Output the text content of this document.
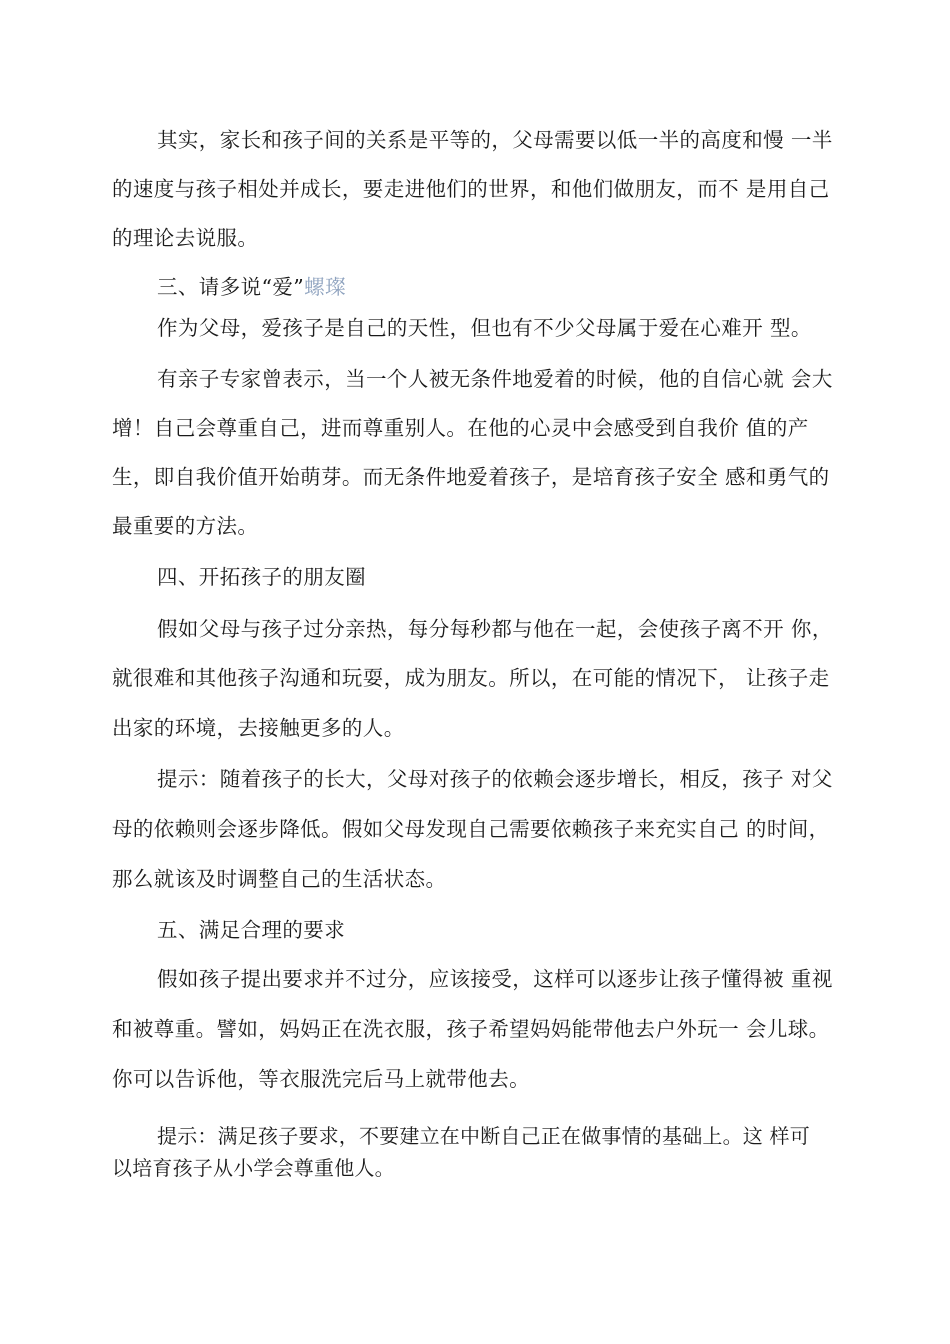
其实，家长和孩子间的关系是平等的，父母需要以低一半的高度和慢 一半
的速度与孩子相处并成长，要走进他们的世界，和他们做朋友，而不 是用自己
的理论去说服。
三、请多说“爱”螺璨
作为父母，爱孩子是自己的天性，但也有不少父母属于爱在心难开 型。
有亲子专家曾表示，当一个人被无条件地爱着的时候，他的自信心就 会大
增！自己会尊重自己，进而尊重别人。在他的心灵中会感受到自我价 值的产
生，即自我价值开始萌芽。而无条件地爱着孩子，是培育孩子安全 感和勇气的
最重要的方法。
四、开拓孩子的朋友圈
假如父母与孩子过分亲热，每分每秒都与他在一起，会使孩子离不开 你，
就很难和其他孩子沟通和玩耍，成为朋友。所以，在可能的情况下， 让孩子走
出家的环境，去接触更多的人。
提示：随着孩子的长大，父母对孩子的依赖会逐步增长，相反，孩子 对父
母的依赖则会逐步降低。假如父母发现自己需要依赖孩子来充实自己 的时间，
那么就该及时调整自己的生活状态。
五、满足合理的要求
假如孩子提出要求并不过分，应该接受，这样可以逐步让孩子懂得被 重视
和被尊重。譬如，妈妈正在洗衣服，孩子希望妈妈能带他去户外玩一 会儿球。
你可以告诉他，等衣服洗完后马上就带他去。
提示：满足孩子要求，不要建立在中断自己正在做事情的基础上。这 样可
以培育孩子从小学会尊重他人。
